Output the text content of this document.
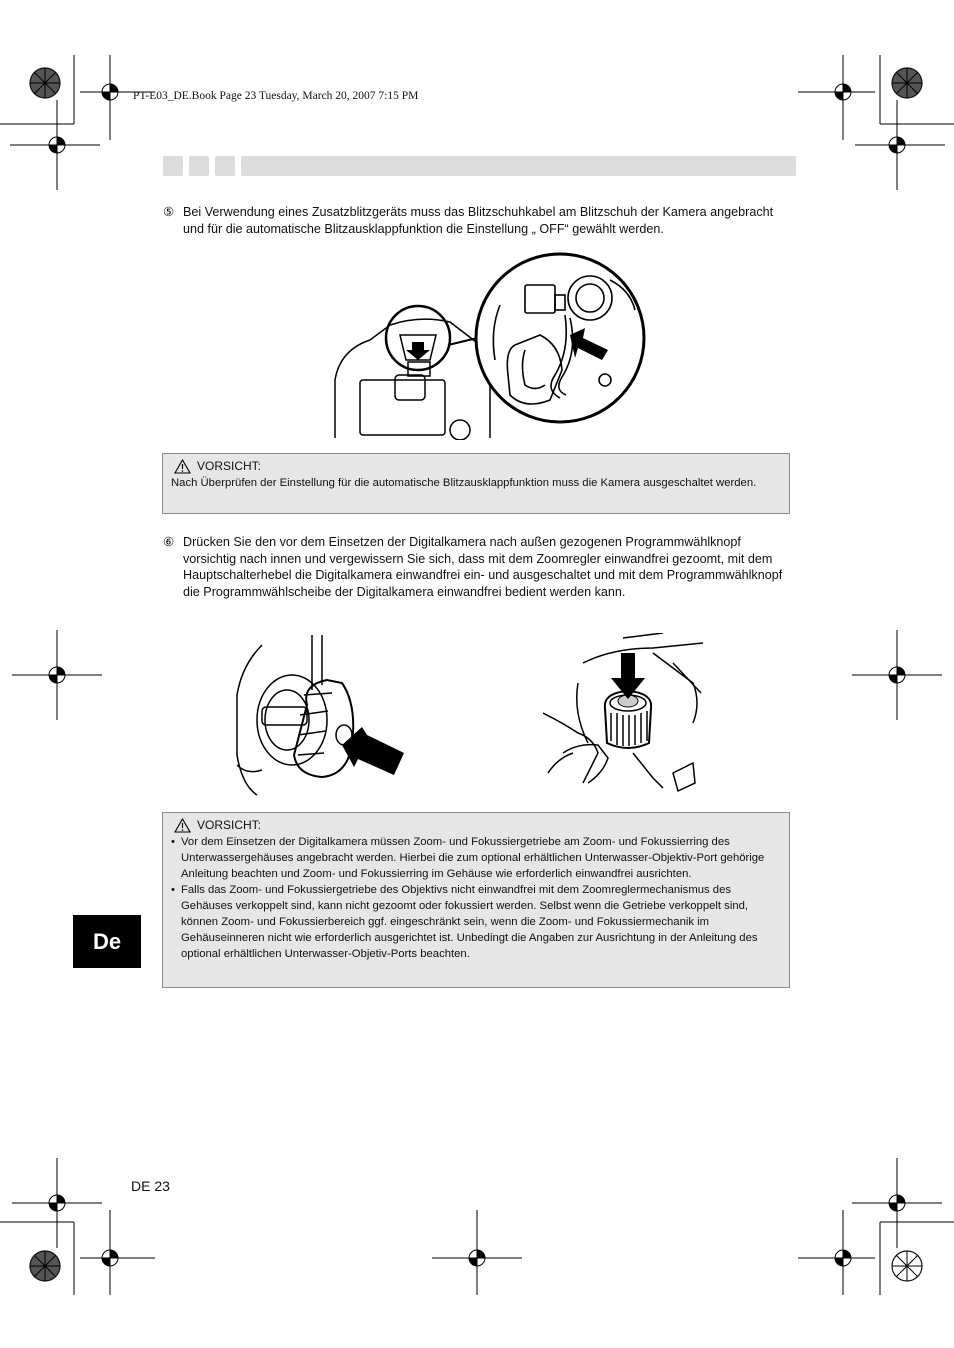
PT-E03_DE.Book Page 23 Tuesday, March 20, 2007 7:15 PM
⑤ Bei Verwendung eines Zusatzblitzgeräts muss das Blitzschuhkabel am Blitzschuh der Kamera angebracht und für die automatische Blitzausklappfunktion die Einstellung „ OFF“ gewählt werden.
VORSICHT:
Nach Überprüfen der Einstellung für die automatische Blitzausklappfunktion muss die Kamera ausgeschaltet werden.
⑥ Drücken Sie den vor dem Einsetzen der Digitalkamera nach außen gezogenen Programmwählknopf vorsichtig nach innen und vergewissern Sie sich, dass mit dem Zoomregler einwandfrei gezoomt, mit dem Hauptschalterhebel die Digitalkamera einwandfrei ein- und ausgeschaltet und mit dem Programmwählknopf die Programmwählscheibe der Digitalkamera einwandfrei bedient werden kann.
VORSICHT:
• Vor dem Einsetzen der Digitalkamera müssen Zoom- und Fokussiergetriebe am Zoom- und Fokussierring des Unterwassergehäuses angebracht werden. Hierbei die zum optional erhältlichen Unterwasser-Objektiv-Port gehörige Anleitung beachten und Zoom- und Fokussierring im Gehäuse wie erforderlich einwandfrei ausrichten.
• Falls das Zoom- und Fokussiergetriebe des Objektivs nicht einwandfrei mit dem Zoomreglermechanismus des Gehäuses verkoppelt sind, kann nicht gezoomt oder fokussiert werden. Selbst wenn die Getriebe verkoppelt sind, können Zoom- und Fokussierbereich ggf. eingeschränkt sein, wenn die Zoom- und Fokussiermechanik im Gehäuseinneren nicht wie erforderlich ausgerichtet ist. Unbedingt die Angaben zur Ausrichtung in der Anleitung des optional erhältlichen Unterwasser-Objetiv-Ports beachten.
De
DE 23
